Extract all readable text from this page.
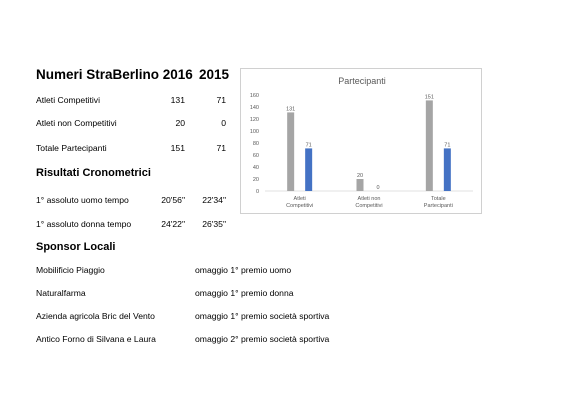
Numeri StraBerlino 2016 2015
Atleti Competitivi	131	71
Atleti non Competitivi	20	0
Totale Partecipanti	151	71
Risultati Cronometrici
1° assoluto uomo tempo	20'56"	22'34"
1° assoluto donna tempo	24'22"	26'35"
Sponsor Locali
Mobilificio Piaggio	omaggio 1° premio uomo
Naturalfarma	omaggio 1° premio donna
Azienda agricola Bric del Vento	omaggio 1° premio società sportiva
Antico Forno di Silvana e Laura	omaggio 2° premio società sportiva
Partecipanti
0
20
40
60
80
100
120
140
160
131
71
Atleti
Competitivi
20
0
Atleti non
Competitivi
151
71
Totale
Partecipanti
